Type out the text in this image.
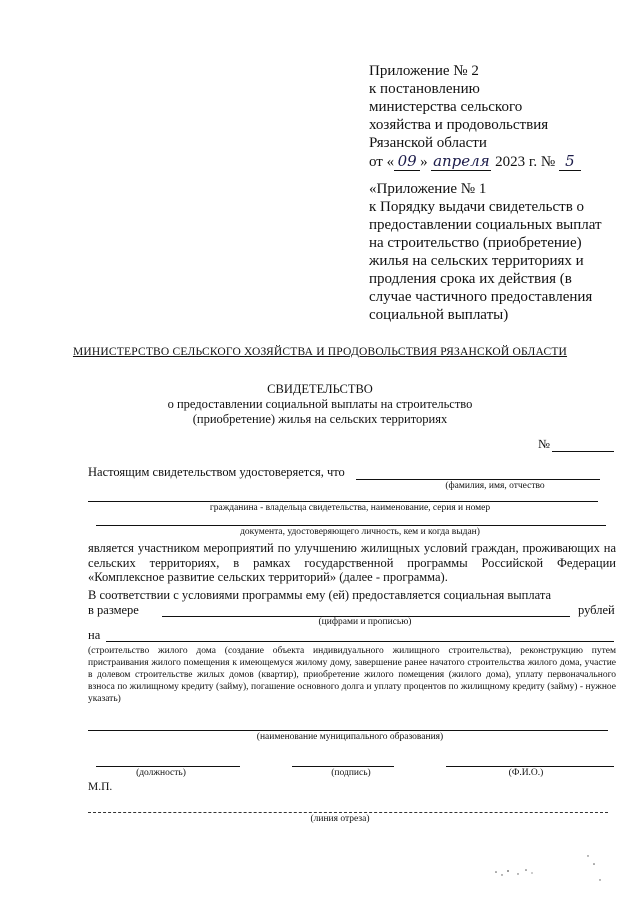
Приложение № 2
к постановлению
министерства сельского
хозяйства и продовольствия
Рязанской области
от « 09 » апреля 2023 г. № 5
«Приложение № 1
к Порядку выдачи свидетельств о
предоставлении социальных выплат
на строительство (приобретение)
жилья на сельских территориях и
продления срока их действия (в
случае частичного предоставления
социальной выплаты)
МИНИСТЕРСТВО СЕЛЬСКОГО ХОЗЯЙСТВА И ПРОДОВОЛЬСТВИЯ РЯЗАНСКОЙ ОБЛАСТИ
СВИДЕТЕЛЬСТВО
о предоставлении социальной выплаты на строительство
(приобретение) жилья на сельских территориях
№
Настоящим свидетельством удостоверяется, что
(фамилия, имя, отчество
гражданина - владельца свидетельства, наименование, серия и номер
документа, удостоверяющего личность, кем и когда выдан)
является участником мероприятий по улучшению жилищных условий граждан, проживающих на сельских территориях, в рамках государственной программы Российской Федерации «Комплексное развитие сельских территорий» (далее - программа).
В соответствии с условиями программы ему (ей) предоставляется социальная выплата
в размере	рублей
(цифрами и прописью)
на
(строительство жилого дома (создание объекта индивидуального жилищного строительства), реконструкцию путем пристраивания жилого помещения к имеющемуся жилому дому, завершение ранее начатого строительства жилого дома, участие в долевом строительстве жилых домов (квартир), приобретение жилого помещения (жилого дома), уплату первоначального взноса по жилищному кредиту (займу), погашение основного долга и уплату процентов по жилищному кредиту (займу) - нужное указать)
(наименование муниципального образования)
(должность)	(подпись)	(Ф.И.О.)
М.П.
(линия отреза)
